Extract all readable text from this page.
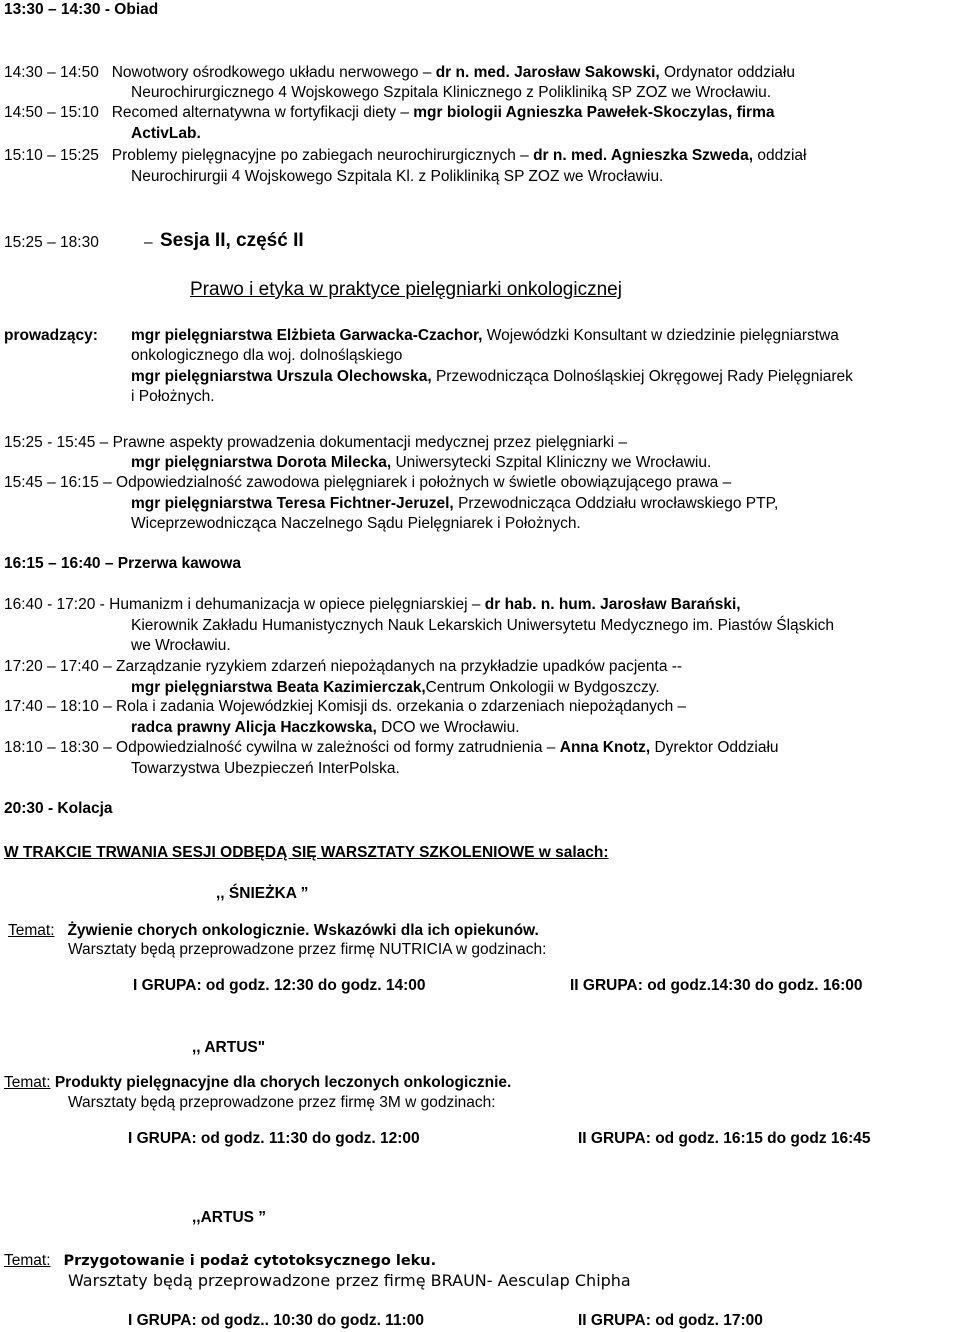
13:30 – 14:30 - Obiad
14:30 – 14:50 Nowotwory ośrodkowego układu nerwowego – dr n. med. Jarosław Sakowski, Ordynator oddziału
Neurochirurgicznego 4 Wojskowego Szpitala Klinicznego z Polikliniką SP ZOZ we Wrocławiu.
14:50 – 15:10 Recomed alternatywna w fortyfikacji diety – mgr biologii Agnieszka Pawełek-Skoczylas, firma
ActivLab.
15:10 – 15:25 Problemy pielęgnacyjne po zabiegach neurochirurgicznych – dr n. med. Agnieszka Szweda, oddział
Neurochirurgii 4 Wojskowego Szpitala Kl. z Polikliniką SP ZOZ we Wrocławiu.
15:25 – 18:30	– Sesja II, część II
Prawo i etyka w praktyce pielęgniarki onkologicznej
prowadzący: mgr pielęgniarstwa Elżbieta Garwacka-Czachor, Wojewódzki Konsultant w dziedzinie pielęgniarstwa
onkologicznego dla woj. dolnośląskiego
mgr pielęgniarstwa Urszula Olechowska, Przewodnicząca Dolnośląskiej Okręgowej Rady Pielęgniarek
i Położnych.
15:25 - 15:45 – Prawne aspekty prowadzenia dokumentacji medycznej przez pielęgniarki –
mgr pielęgniarstwa Dorota Milecka, Uniwersytecki Szpital Kliniczny we Wrocławiu.
15:45 – 16:15 – Odpowiedzialność zawodowa pielęgniarek i położnych w świetle obowiązującego prawa –
mgr pielęgniarstwa Teresa Fichtner-Jeruzel, Przewodnicząca Oddziału wrocławskiego PTP,
Wiceprzewodnicząca Naczelnego Sądu Pielęgniarek i Położnych.
16:15 – 16:40 – Przerwa kawowa
16:40 - 17:20 - Humanizm i dehumanizacja w opiece pielęgniarskiej – dr hab. n. hum. Jarosław Barański,
Kierownik Zakładu Humanistycznych Nauk Lekarskich Uniwersytetu Medycznego im. Piastów Śląskich
we Wrocławiu.
17:20 – 17:40 – Zarządzanie ryzykiem zdarzeń niepożądanych na przykładzie upadków pacjenta --
mgr pielęgniarstwa Beata Kazimierczak,Centrum Onkologii w Bydgoszczy.
17:40 – 18:10 – Rola i zadania Wojewódzkiej Komisji ds. orzekania o zdarzeniach niepożądanych –
radca prawny Alicja Haczkowska, DCO we Wrocławiu.
18:10 – 18:30 – Odpowiedzialność cywilna w zależności od formy zatrudnienia – Anna Knotz, Dyrektor Oddziału
Towarzystwa Ubezpieczeń InterPolska.
20:30 - Kolacja
W TRAKCIE TRWANIA SESJI ODBĘDĄ SIĘ WARSZTATY SZKOLENIOWE w salach:
,, ŚNIEŻKA ”
Temat: Żywienie chorych onkologicznie. Wskazówki dla ich opiekunów.
Warsztaty będą przeprowadzone przez firmę NUTRICIA w godzinach:
I GRUPA: od godz. 12:30 do godz. 14:00	II GRUPA: od godz.14:30 do godz. 16:00
,, ARTUS"
Temat: Produkty pielęgnacyjne dla chorych leczonych onkologicznie.
Warsztaty będą przeprowadzone przez firmę 3M w godzinach:
I GRUPA: od godz. 11:30 do godz. 12:00	II GRUPA: od godz. 16:15 do godz 16:45
,,ARTUS ”
Temat: Przygotowanie i podaż cytotoksycznego leku.
Warsztaty będą przeprowadzone przez firmę BRAUN- Aesculap Chipha
I GRUPA: od godz.. 10:30 do godz. 11:00	II GRUPA: od godz. 17:00
